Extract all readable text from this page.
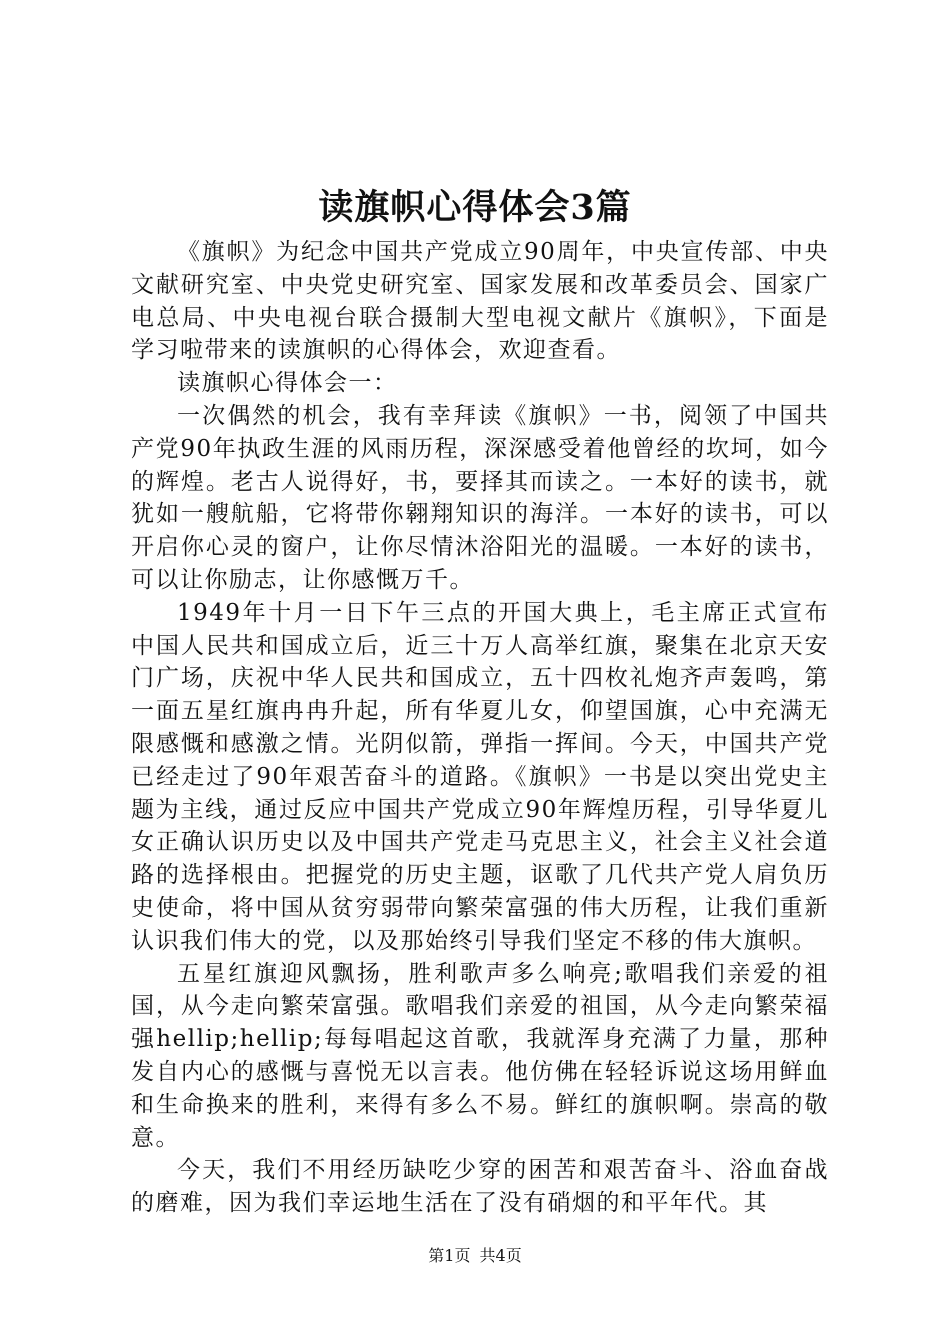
读旗帜心得体会3篇

《旗帜》为纪念中国共产党成立90周年，中央宣传部、中央文献研究室、中央党史研究室、国家发展和改革委员会、国家广电总局、中央电视台联合摄制大型电视文献片《旗帜》，下面是学习啦带来的读旗帜的心得体会，欢迎查看。

读旗帜心得体会一：

一次偶然的机会，我有幸拜读《旗帜》一书，阅领了中国共产党90年执政生涯的风雨历程，深深感受着他曾经的坎坷，如今的辉煌。老古人说得好，书，要择其而读之。一本好的读书，就犹如一艘航船，它将带你翱翔知识的海洋。一本好的读书，可以开启你心灵的窗户，让你尽情沐浴阳光的温暖。一本好的读书，可以让你励志，让你感慨万千。

1949年十月一日下午三点的开国大典上，毛主席正式宣布中国人民共和国成立后，近三十万人高举红旗，聚集在北京天安门广场，庆祝中华人民共和国成立，五十四枚礼炮齐声轰鸣，第一面五星红旗冉冉升起，所有华夏儿女，仰望国旗，心中充满无限感慨和感激之情。光阴似箭，弹指一挥间。今天，中国共产党已经走过了90年艰苦奋斗的道路。《旗帜》一书是以突出党史主题为主线，通过反应中国共产党成立90年辉煌历程，引导华夏儿女正确认识历史以及中国共产党走马克思主义，社会主义社会道路的选择根由。把握党的历史主题，讴歌了几代共产党人肩负历史使命，将中国从贫穷弱带向繁荣富强的伟大历程，让我们重新认识我们伟大的党，以及那始终引导我们坚定不移的伟大旗帜。

五星红旗迎风飘扬，胜利歌声多么响亮;歌唱我们亲爱的祖国，从今走向繁荣富强。歌唱我们亲爱的祖国，从今走向繁荣福强hellip;hellip;每每唱起这首歌，我就浑身充满了力量，那种发自内心的感慨与喜悦无以言表。他仿佛在轻轻诉说这场用鲜血和生命换来的胜利，来得有多么不易。鲜红的旗帜啊。崇高的敬意。

今天，我们不用经历缺吃少穿的困苦和艰苦奋斗、浴血奋战的磨难，因为我们幸运地生活在了没有硝烟的和平年代。其

第1页 共4页
